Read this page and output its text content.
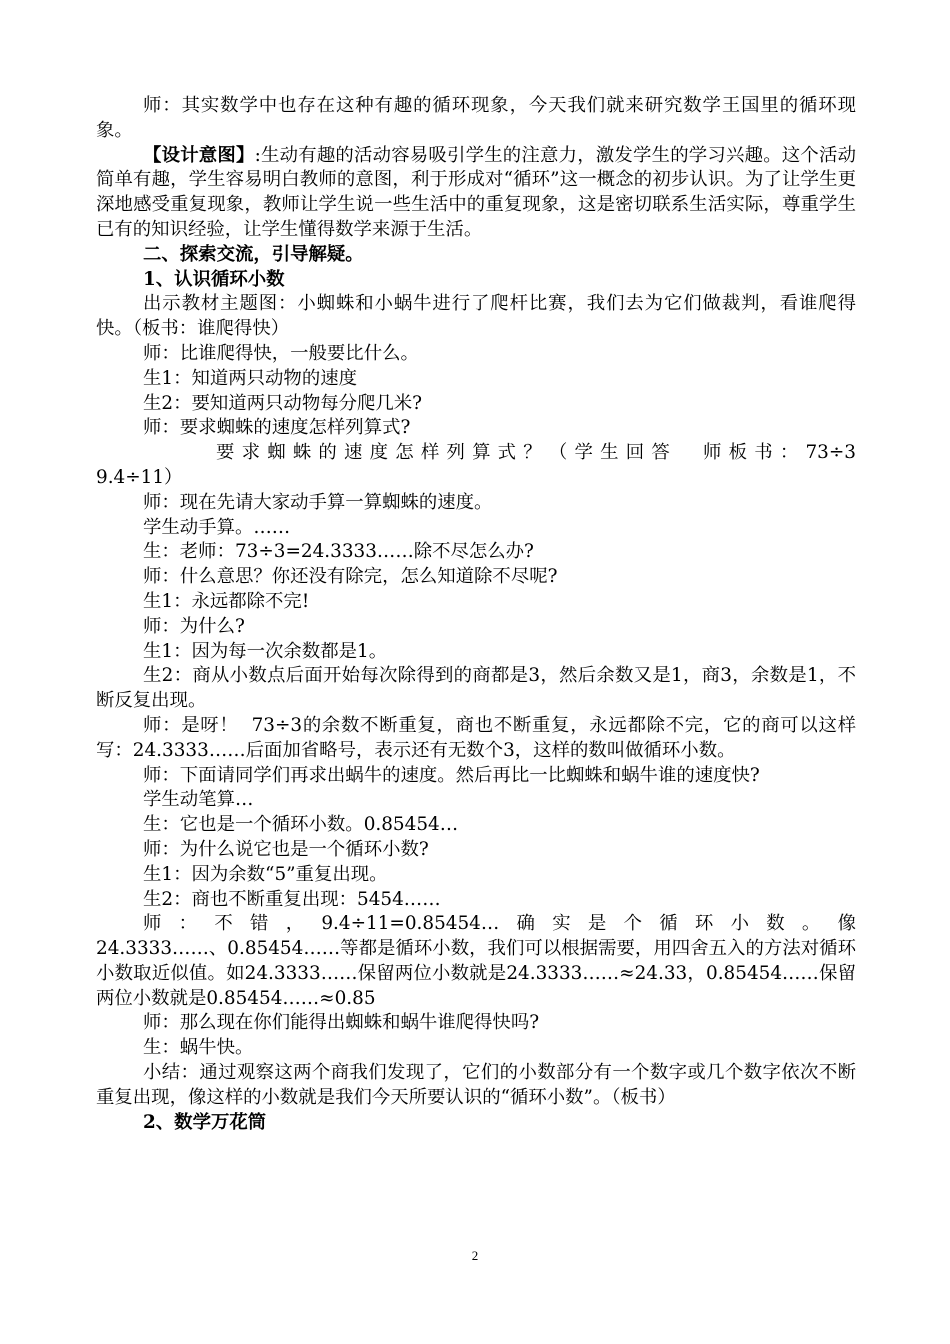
师：其实数学中也存在这种有趣的循环现象，今天我们就来研究数学王国里的循环现象。

【设计意图】:生动有趣的活动容易吸引学生的注意力，激发学生的学习兴趣。这个活动简单有趣，学生容易明白教师的意图，利于形成对“循环”这一概念的初步认识。为了让学生更深地感受重复现象，教师让学生说一些生活中的重复现象，这是密切联系生活实际，尊重学生已有的知识经验，让学生懂得数学来源于生活。

二、探索交流，引导解疑。

1、认识循环小数

出示教材主题图：小蜘蛛和小蜗牛进行了爬杆比赛，我们去为它们做裁判，看谁爬得快。（板书：谁爬得快）

师：比谁爬得快，一般要比什么。

生1：知道两只动物的速度

生2：要知道两只动物每分爬几米?

师：要求蜘蛛的速度怎样列算式?

要求蜘蛛的速度怎样列算式？（学生回答  师板书：73÷3

9.4÷11）

师：现在先请大家动手算一算蜘蛛的速度。

学生动手算。……

生：老师：73÷3=24.3333……除不尽怎么办?

师：什么意思？你还没有除完，怎么知道除不尽呢?

生1：永远都除不完!

师：为什么?

生1：因为每一次余数都是1。

生2：商从小数点后面开始每次除得到的商都是3，然后余数又是1，商3，余数是1，不断反复出现。

师：是呀！  73÷3的余数不断重复，商也不断重复，永远都除不完，它的商可以这样写：24.3333……后面加省略号，表示还有无数个3，这样的数叫做循环小数。

师：下面请同学们再求出蜗牛的速度。然后再比一比蜘蛛和蜗牛谁的速度快?

学生动笔算…

生：它也是一个循环小数。0.85454…

师：为什么说它也是一个循环小数?

生1：因为余数“5”重复出现。

生2：商也不断重复出现：5454……

师：不错，9.4÷11=0.85454…确实是个循环小数。像

24.3333……、0.85454……等都是循环小数，我们可以根据需要，用四舍五入的方法对循环小数取近似值。如24.3333……保留两位小数就是24.3333……≈24.33，0.85454……保留两位小数就是0.85454……≈0.85

师：那么现在你们能得出蜘蛛和蜗牛谁爬得快吗?

生：蜗牛快。

小结：通过观察这两个商我们发现了，它们的小数部分有一个数字或几个数字依次不断重复出现，像这样的小数就是我们今天所要认识的“循环小数”。（板书）

2、数学万花筒

2
